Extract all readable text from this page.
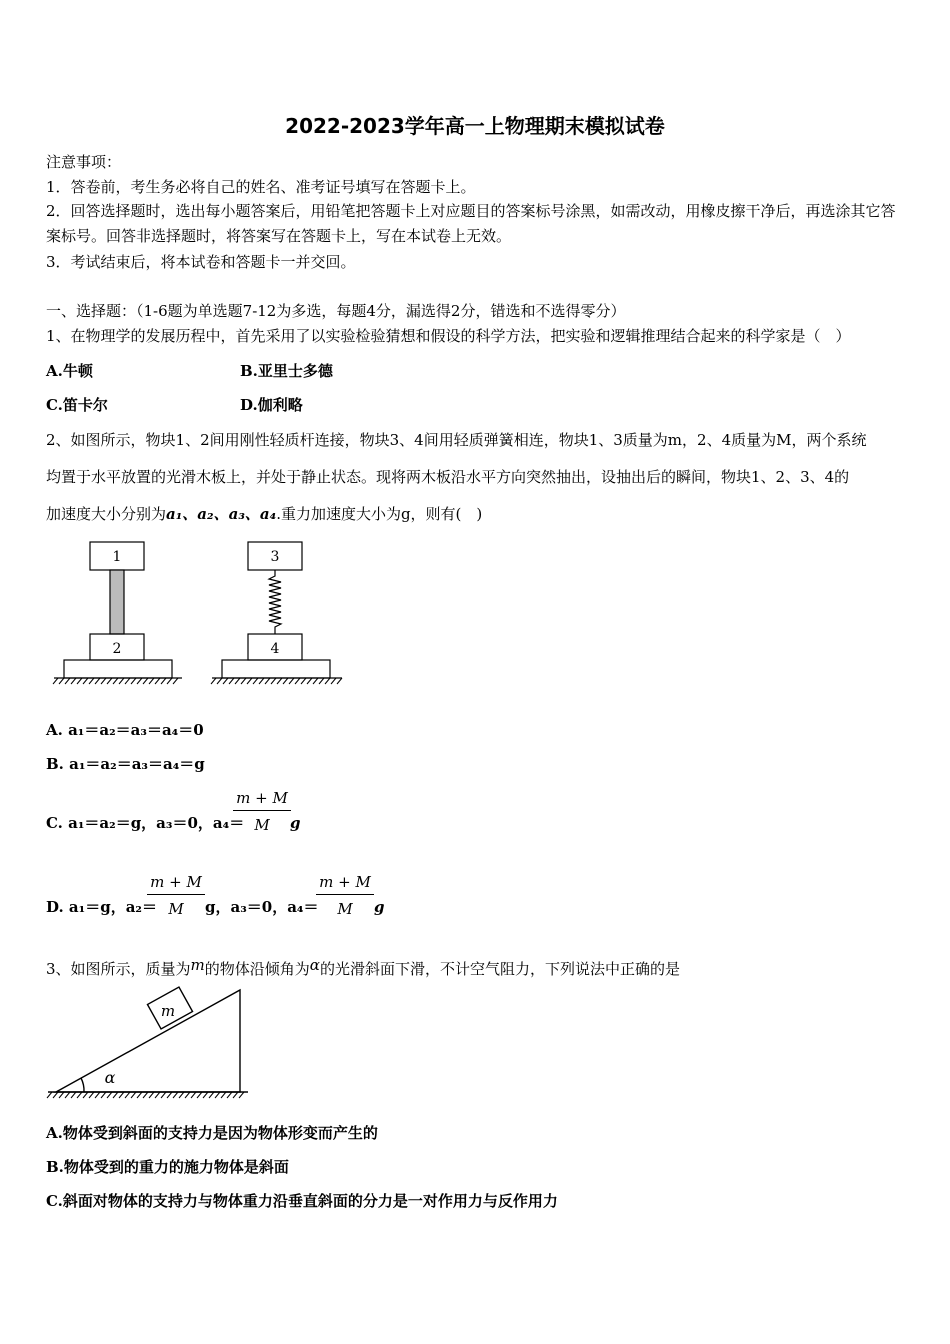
2022-2023学年高一上物理期末模拟试卷
注意事项：
1．答卷前，考生务必将自己的姓名、准考证号填写在答题卡上。
2．回答选择题时，选出每小题答案后，用铅笔把答题卡上对应题目的答案标号涂黑，如需改动，用橡皮擦干净后，再选涂其它答案标号。回答非选择题时，将答案写在答题卡上，写在本试卷上无效。
3．考试结束后，将本试卷和答题卡一并交回。
一、选择题：（1-6题为单选题7-12为多选，每题4分，漏选得2分，错选和不选得零分）
1、在物理学的发展历程中，首先采用了以实验检验猜想和假设的科学方法，把实验和逻辑推理结合起来的科学家是（　）
A.牛顿	B.亚里士多德
C.笛卡尔	D.伽利略
2、如图所示，物块1、2间用刚性轻质杆连接，物块3、4间用轻质弹簧相连，物块1、3质量为m，2、4质量为M，两个系统
均置于水平放置的光滑木板上，并处于静止状态。现将两木板沿水平方向突然抽出，设抽出后的瞬间，物块1、2、3、4的
加速度大小分别为a₁、a₂、a₃、a₄.重力加速度大小为g，则有(　)
1
2
3
4
A. a₁＝a₂＝a₃＝a₄＝0
B. a₁＝a₂＝a₃＝a₄＝g
C. a₁＝a₂＝g，a₃＝0，a₄＝
$\frac{m + M}{M}$ g
D. a₁＝g，a₂＝
$\frac{m + M}{M}$ g，a₃＝0，a₄＝
$\frac{m + M}{M}$ g
3、如图所示，质量为m的物体沿倾角为α的光滑斜面下滑，不计空气阻力，下列说法中正确的是
m
α
A.物体受到斜面的支持力是因为物体形变而产生的
B.物体受到的重力的施力物体是斜面
C.斜面对物体的支持力与物体重力沿垂直斜面的分力是一对作用力与反作用力
